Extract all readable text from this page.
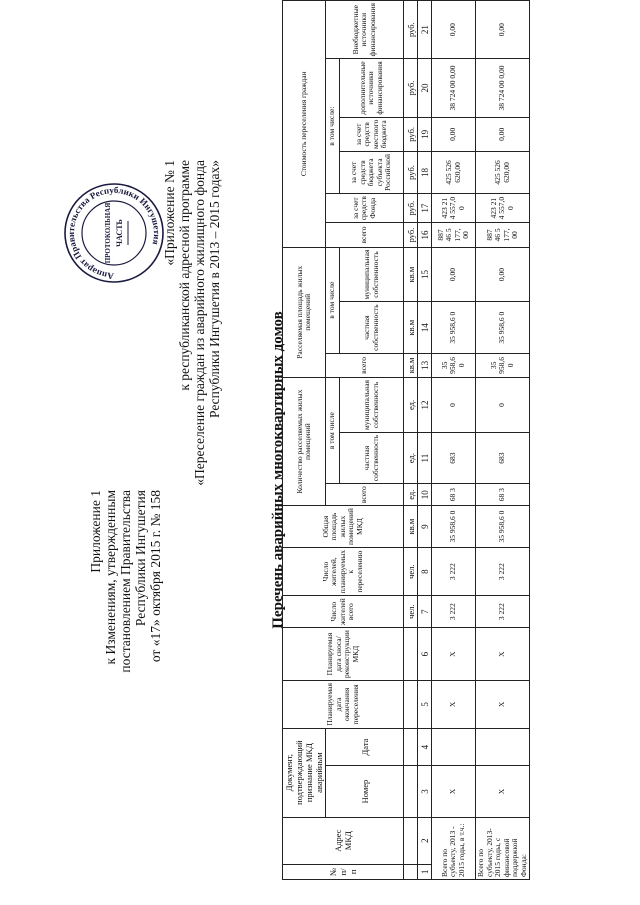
Аппарат Правительства Республики Ингушетия
ПРОТОКОЛЬНАЯ ЧАСТЬ
Приложение 1 к Изменениям, утвержденным постановлением Правительства Республики Ингушетия от «17» октября 2015 г. № 158
«Приложение № 1 к республиканской адресной программе «Переселение граждан из аварийного жилищного фонда Республики Ингушетия в 2013 – 2015 годах»
Перечень аварийных многоквартирных домов
№ п/п	Адрес МКД	Документ, подтверждающий признание МКД аварийным		Планируемая дата окончания переселения	Планируемая дата сноса/ реконструкции МКД	Число жителей всего	Число жителей, планируемых к переселению	Общая площадь жилых помещений МКД	Количество расселяемых жилых помещений			Расселяемая площадь жилых помещений			Стоимость переселения граждан					
		Номер	Дата						всего	в том числе		всего	в том числе		всего	за счет средств Фонда	в том числе:			Внебюджетные источники финансирования
										частная собственность	муниципальная собственность		частная собственность	муниципальная собственность			за счет средств бюджета субъекта Российской	за счет средств местного бюджета	дополнительные источники финансирования	

						чел.	чел.	кв.м	ед.	ед.	ед.	кв.м	кв.м	кв.м	руб.	руб.	руб.	руб.	руб.	руб.
1	2	3	4	5	6	7	8	9	10	11	12	13	14	15	16	17	18	19	20	21
Всего по субъекту, 2013 - 2015 годы, в т.ч.:		X		X	X	3 222	3 222	35 958,6 0	68 3	683	0	35 958,6 0	35 958,6 0	0,00	887 46 5 177, 00	423 21 4 557,0 0	425 526 620,00	0,00	38 724 00 0,00	0,00
Всего по субъекту, 2013-2015 годы, с финансовой поддержкой Фонда:		X		X	X	3 222	3 222	35 958,6 0	68 3	683	0	35 958,6 0	35 958,6 0	0,00	887 46 5 177, 00	423 21 4 557,0 0	425 526 620,00	0,00	38 724 00 0,00	0,00
